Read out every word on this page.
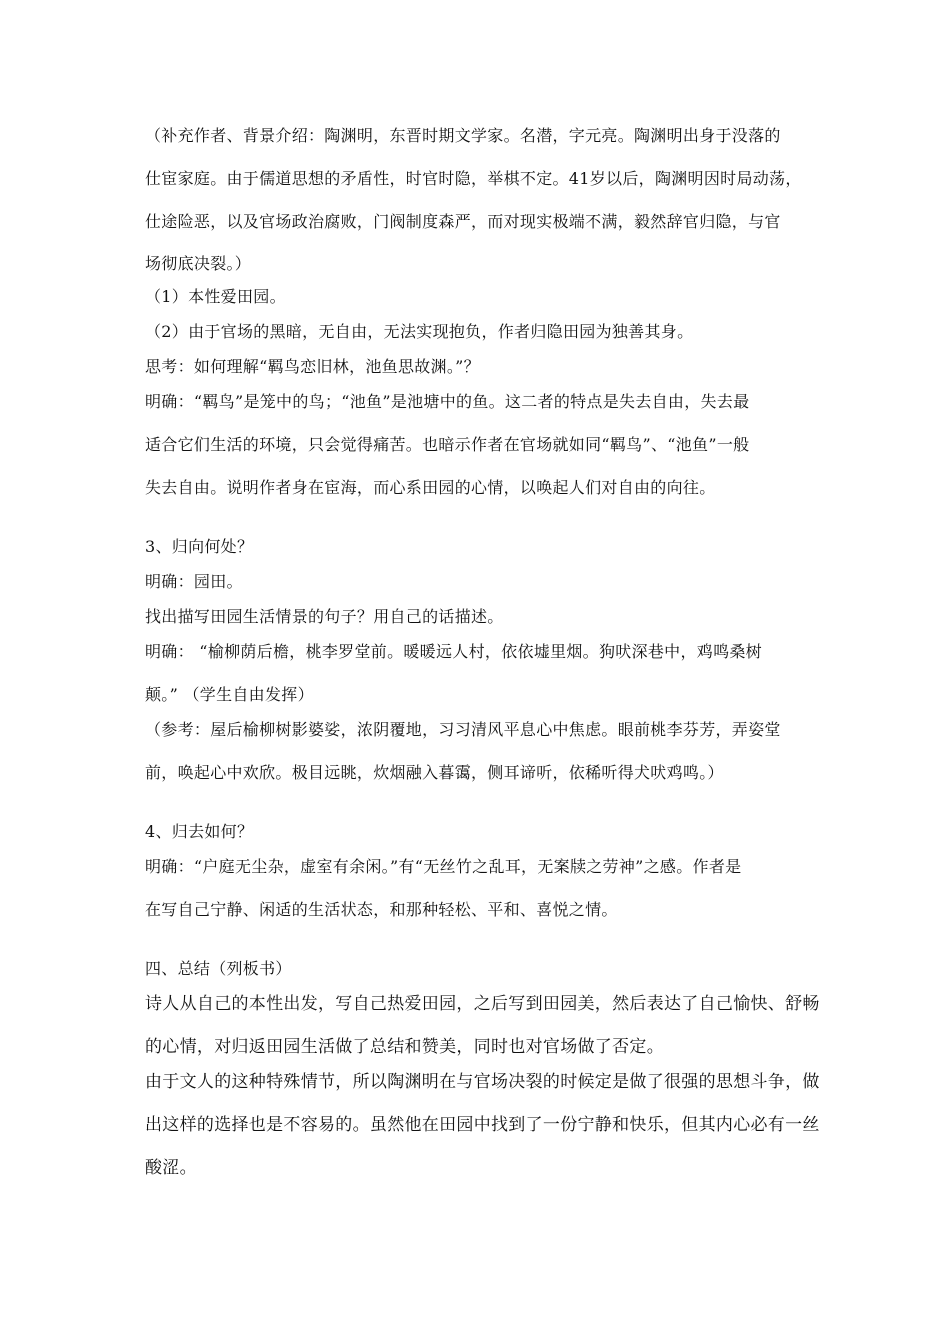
（补充作者、背景介绍：陶渊明，东晋时期文学家。名潜，字元亮。陶渊明出身于没落的
仕宦家庭。由于儒道思想的矛盾性，时官时隐，举棋不定。41岁以后，陶渊明因时局动荡，
仕途险恶，以及官场政治腐败，门阀制度森严，而对现实极端不满，毅然辞官归隐，与官
场彻底决裂。）
（1）本性爱田园。
（2）由于官场的黑暗，无自由，无法实现抱负，作者归隐田园为独善其身。
思考：如何理解“羁鸟恋旧林，池鱼思故渊。”？
明确：“羁鸟”是笼中的鸟；“池鱼”是池塘中的鱼。这二者的特点是失去自由，失去最
适合它们生活的环境，只会觉得痛苦。也暗示作者在官场就如同“羁鸟”、“池鱼”一般
失去自由。说明作者身在宦海，而心系田园的心情，以唤起人们对自由的向往。
3、归向何处？
明确：园田。
找出描写田园生活情景的句子？用自己的话描述。
明确： “榆柳荫后檐，桃李罗堂前。暖暖远人村，依依墟里烟。狗吠深巷中，鸡鸣桑树
颠。” （学生自由发挥）
（参考：屋后榆柳树影婆娑，浓阴覆地，习习清风平息心中焦虑。眼前桃李芬芳，弄姿堂
前，唤起心中欢欣。极目远眺，炊烟融入暮霭，侧耳谛听，依稀听得犬吠鸡鸣。）
4、归去如何？
明确：“户庭无尘杂，虚室有余闲。”有“无丝竹之乱耳，无案牍之劳神”之感。作者是
在写自己宁静、闲适的生活状态，和那种轻松、平和、喜悦之情。
四、总结（列板书）
诗人从自己的本性出发，写自己热爱田园，之后写到田园美，然后表达了自己愉快、舒畅
的心情，对归返田园生活做了总结和赞美，同时也对官场做了否定。
由于文人的这种特殊情节，所以陶渊明在与官场决裂的时候定是做了很强的思想斗争，做
出这样的选择也是不容易的。虽然他在田园中找到了一份宁静和快乐，但其内心必有一丝
酸涩。
